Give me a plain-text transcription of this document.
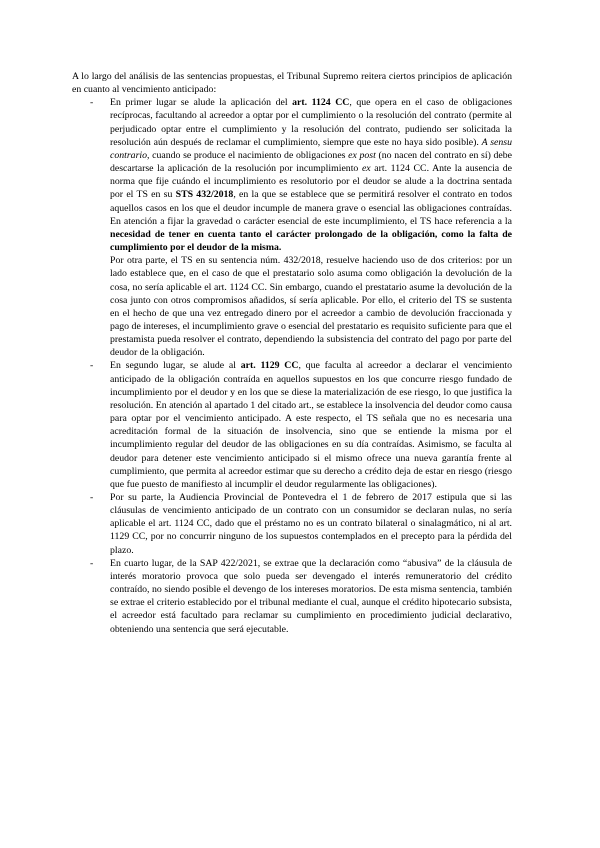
A lo largo del análisis de las sentencias propuestas, el Tribunal Supremo reitera ciertos principios de aplicación en cuanto al vencimiento anticipado:

- En primer lugar se alude la aplicación del art. 1124 CC, que opera en el caso de obligaciones recíprocas, facultando al acreedor a optar por el cumplimiento o la resolución del contrato (permite al perjudicado optar entre el cumplimiento y la resolución del contrato, pudiendo ser solicitada la resolución aún después de reclamar el cumplimiento, siempre que este no haya sido posible). A sensu contrario, cuando se produce el nacimiento de obligaciones ex post (no nacen del contrato en sí) debe descartarse la aplicación de la resolución por incumplimiento ex art. 1124 CC. Ante la ausencia de norma que fije cuándo el incumplimiento es resolutorio por el deudor se alude a la doctrina sentada por el TS en su STS 432/2018, en la que se establece que se permitirá resolver el contrato en todos aquellos casos en los que el deudor incumple de manera grave o esencial las obligaciones contraídas. En atención a fijar la gravedad o carácter esencial de este incumplimiento, el TS hace referencia a la necesidad de tener en cuenta tanto el carácter prolongado de la obligación, como la falta de cumplimiento por el deudor de la misma.

Por otra parte, el TS en su sentencia núm. 432/2018, resuelve haciendo uso de dos criterios: por un lado establece que, en el caso de que el prestatario solo asuma como obligación la devolución de la cosa, no sería aplicable el art. 1124 CC. Sin embargo, cuando el prestatario asume la devolución de la cosa junto con otros compromisos añadidos, sí sería aplicable. Por ello, el criterio del TS se sustenta en el hecho de que una vez entregado dinero por el acreedor a cambio de devolución fraccionada y pago de intereses, el incumplimiento grave o esencial del prestatario es requisito suficiente para que el prestamista pueda resolver el contrato, dependiendo la subsistencia del contrato del pago por parte del deudor de la obligación.

- En segundo lugar, se alude al art. 1129 CC, que faculta al acreedor a declarar el vencimiento anticipado de la obligación contraída en aquellos supuestos en los que concurre riesgo fundado de incumplimiento por el deudor y en los que se diese la materialización de ese riesgo, lo que justifica la resolución. En atención al apartado 1 del citado art., se establece la insolvencia del deudor como causa para optar por el vencimiento anticipado. A este respecto, el TS señala que no es necesaria una acreditación formal de la situación de insolvencia, sino que se entiende la misma por el incumplimiento regular del deudor de las obligaciones en su día contraídas. Asimismo, se faculta al deudor para detener este vencimiento anticipado si el mismo ofrece una nueva garantía frente al cumplimiento, que permita al acreedor estimar que su derecho a crédito deja de estar en riesgo (riesgo que fue puesto de manifiesto al incumplir el deudor regularmente las obligaciones).

- Por su parte, la Audiencia Provincial de Pontevedra el 1 de febrero de 2017 estipula que si las cláusulas de vencimiento anticipado de un contrato con un consumidor se declaran nulas, no sería aplicable el art. 1124 CC, dado que el préstamo no es un contrato bilateral o sinalagmático, ni al art. 1129 CC, por no concurrir ninguno de los supuestos contemplados en el precepto para la pérdida del plazo.

- En cuarto lugar, de la SAP 422/2021, se extrae que la declaración como “abusiva” de la cláusula de interés moratorio provoca que solo pueda ser devengado el interés remuneratorio del crédito contraído, no siendo posible el devengo de los intereses moratorios. De esta misma sentencia, también se extrae el criterio establecido por el tribunal mediante el cual, aunque el crédito hipotecario subsista, el acreedor está facultado para reclamar su cumplimiento en procedimiento judicial declarativo, obteniendo una sentencia que será ejecutable.
